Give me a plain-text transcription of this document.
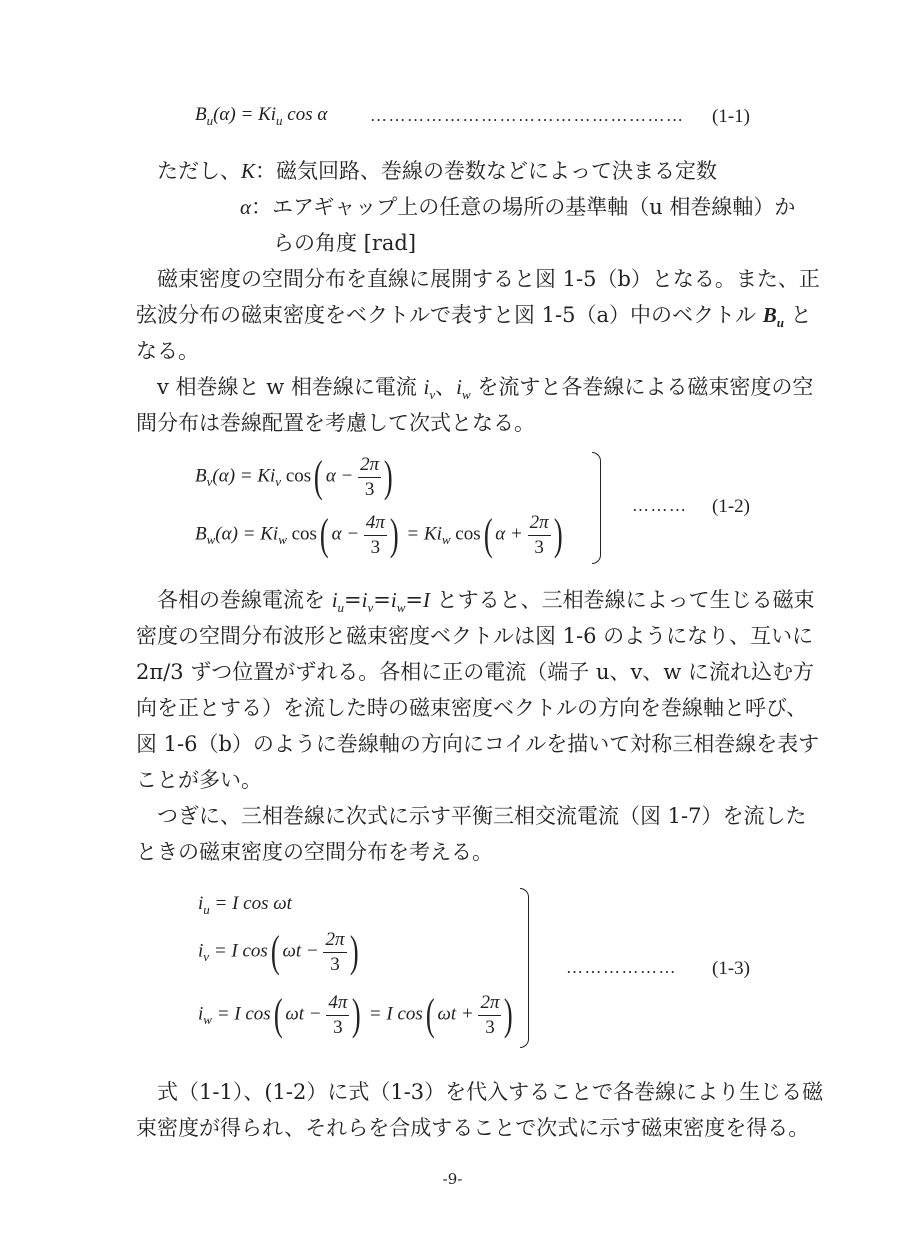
$B_u(\alpha) = Ki_u$ cos α	…………………………………………… (1-1)
ただし、K：磁気回路、巻線の巻数などによって決まる定数
α：エアギャップ上の任意の場所の基準軸（u 相巻線軸）か
らの角度 [rad]
磁束密度の空間分布を直線に展開すると図 1-5（b）となる。また、正
弦波分布の磁束密度をベクトルで表すと図 1-5（a）中のベクトル $B_u$ と
なる。
v 相巻線と w 相巻線に電流 $i_v$、$i_w$ を流すと各巻線による磁束密度の空
間分布は巻線配置を考慮して次式となる。
$B_v(\alpha) = Ki_v$ cos( $\alpha - \frac{2\pi}{3}$ )
$B_w(\alpha) = Ki_w$ cos( $\alpha - \frac{4\pi}{3}$ ) = $Ki_w$ cos( $\alpha + \frac{2\pi}{3}$ )
……… (1-2)
各相の巻線電流を $i_u=i_v=i_w=I$ とすると、三相巻線によって生じる磁束
密度の空間分布波形と磁束密度ベクトルは図 1-6 のようになり、互いに
2π/3 ずつ位置がずれる。各相に正の電流（端子 u、v、w に流れ込む方
向を正とする）を流した時の磁束密度ベクトルの方向を巻線軸と呼び、
図 1-6（b）のように巻線軸の方向にコイルを描いて対称三相巻線を表す
ことが多い。
つぎに、三相巻線に次式に示す平衡三相交流電流（図 1-7）を流した
ときの磁束密度の空間分布を考える。
$i_u = I$ cos ωt
$i_v = I$ cos( $\omega t - \frac{2\pi}{3}$ )
$i_w = I$ cos( $\omega t - \frac{4\pi}{3}$ ) = I cos( $\omega t + \frac{2\pi}{3}$ )
……………… (1-3)
式（1-1）、(1-2）に式（1-3）を代入することで各巻線により生じる磁
束密度が得られ、それらを合成することで次式に示す磁束密度を得る。
-9-
